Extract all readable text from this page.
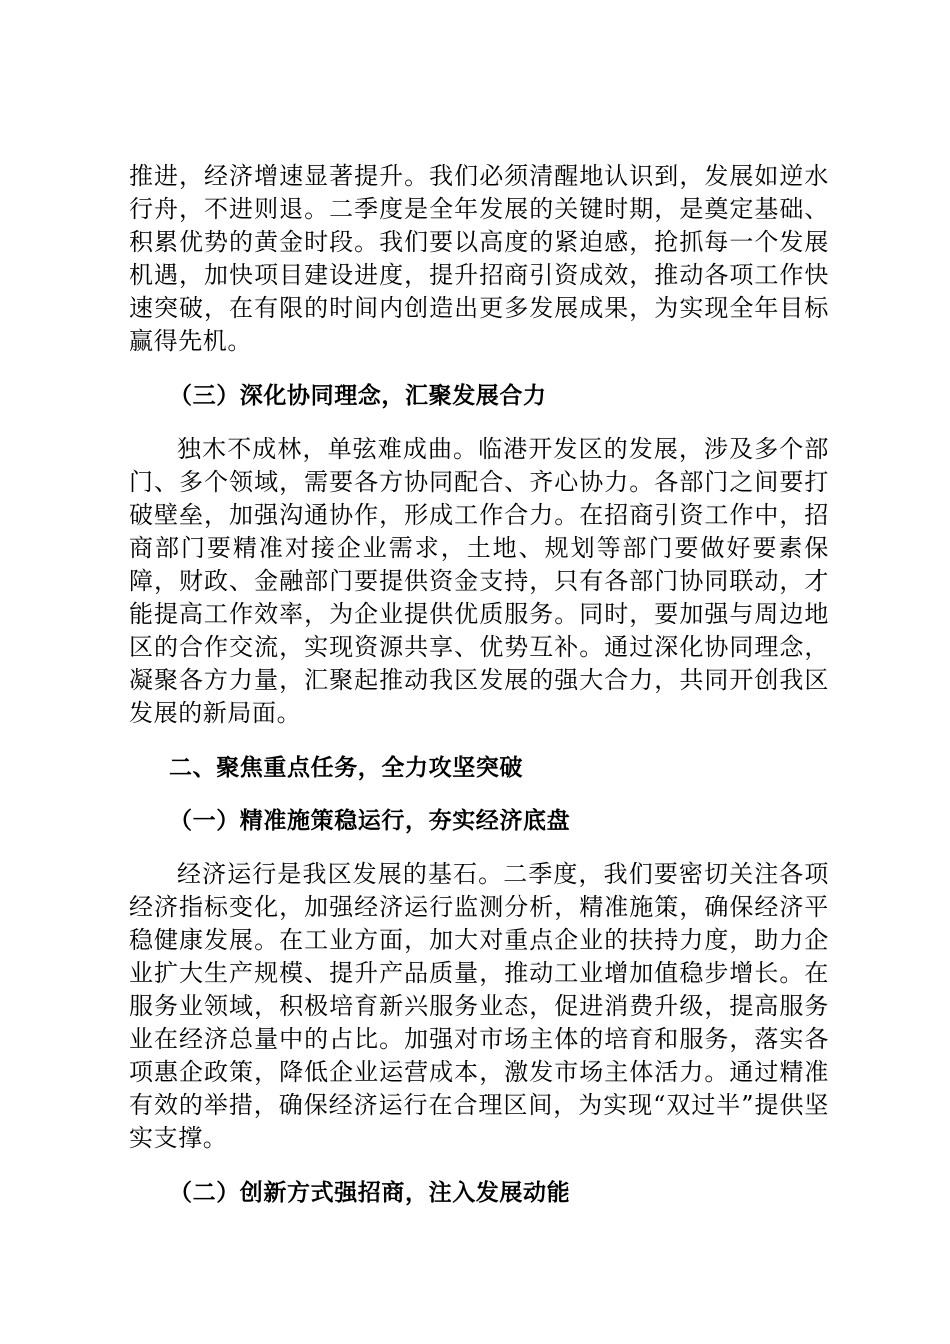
推进，经济增速显著提升。我们必须清醒地认识到，发展如逆水行舟，不进则退。二季度是全年发展的关键时期，是奠定基础、积累优势的黄金时段。我们要以高度的紧迫感，抢抓每一个发展机遇，加快项目建设进度，提升招商引资成效，推动各项工作快速突破，在有限的时间内创造出更多发展成果，为实现全年目标赢得先机。

（三）深化协同理念，汇聚发展合力

独木不成林，单弦难成曲。临港开发区的发展，涉及多个部门、多个领域，需要各方协同配合、齐心协力。各部门之间要打破壁垒，加强沟通协作，形成工作合力。在招商引资工作中，招商部门要精准对接企业需求，土地、规划等部门要做好要素保障，财政、金融部门要提供资金支持，只有各部门协同联动，才能提高工作效率，为企业提供优质服务。同时，要加强与周边地区的合作交流，实现资源共享、优势互补。通过深化协同理念，凝聚各方力量，汇聚起推动我区发展的强大合力，共同开创我区发展的新局面。

二、聚焦重点任务，全力攻坚突破
（一）精准施策稳运行，夯实经济底盘

经济运行是我区发展的基石。二季度，我们要密切关注各项经济指标变化，加强经济运行监测分析，精准施策，确保经济平稳健康发展。在工业方面，加大对重点企业的扶持力度，助力企业扩大生产规模、提升产品质量，推动工业增加值稳步增长。在服务业领域，积极培育新兴服务业态，促进消费升级，提高服务业在经济总量中的占比。加强对市场主体的培育和服务，落实各项惠企政策，降低企业运营成本，激发市场主体活力。通过精准有效的举措，确保经济运行在合理区间，为实现“双过半”提供坚实支撑。

（二）创新方式强招商，注入发展动能
